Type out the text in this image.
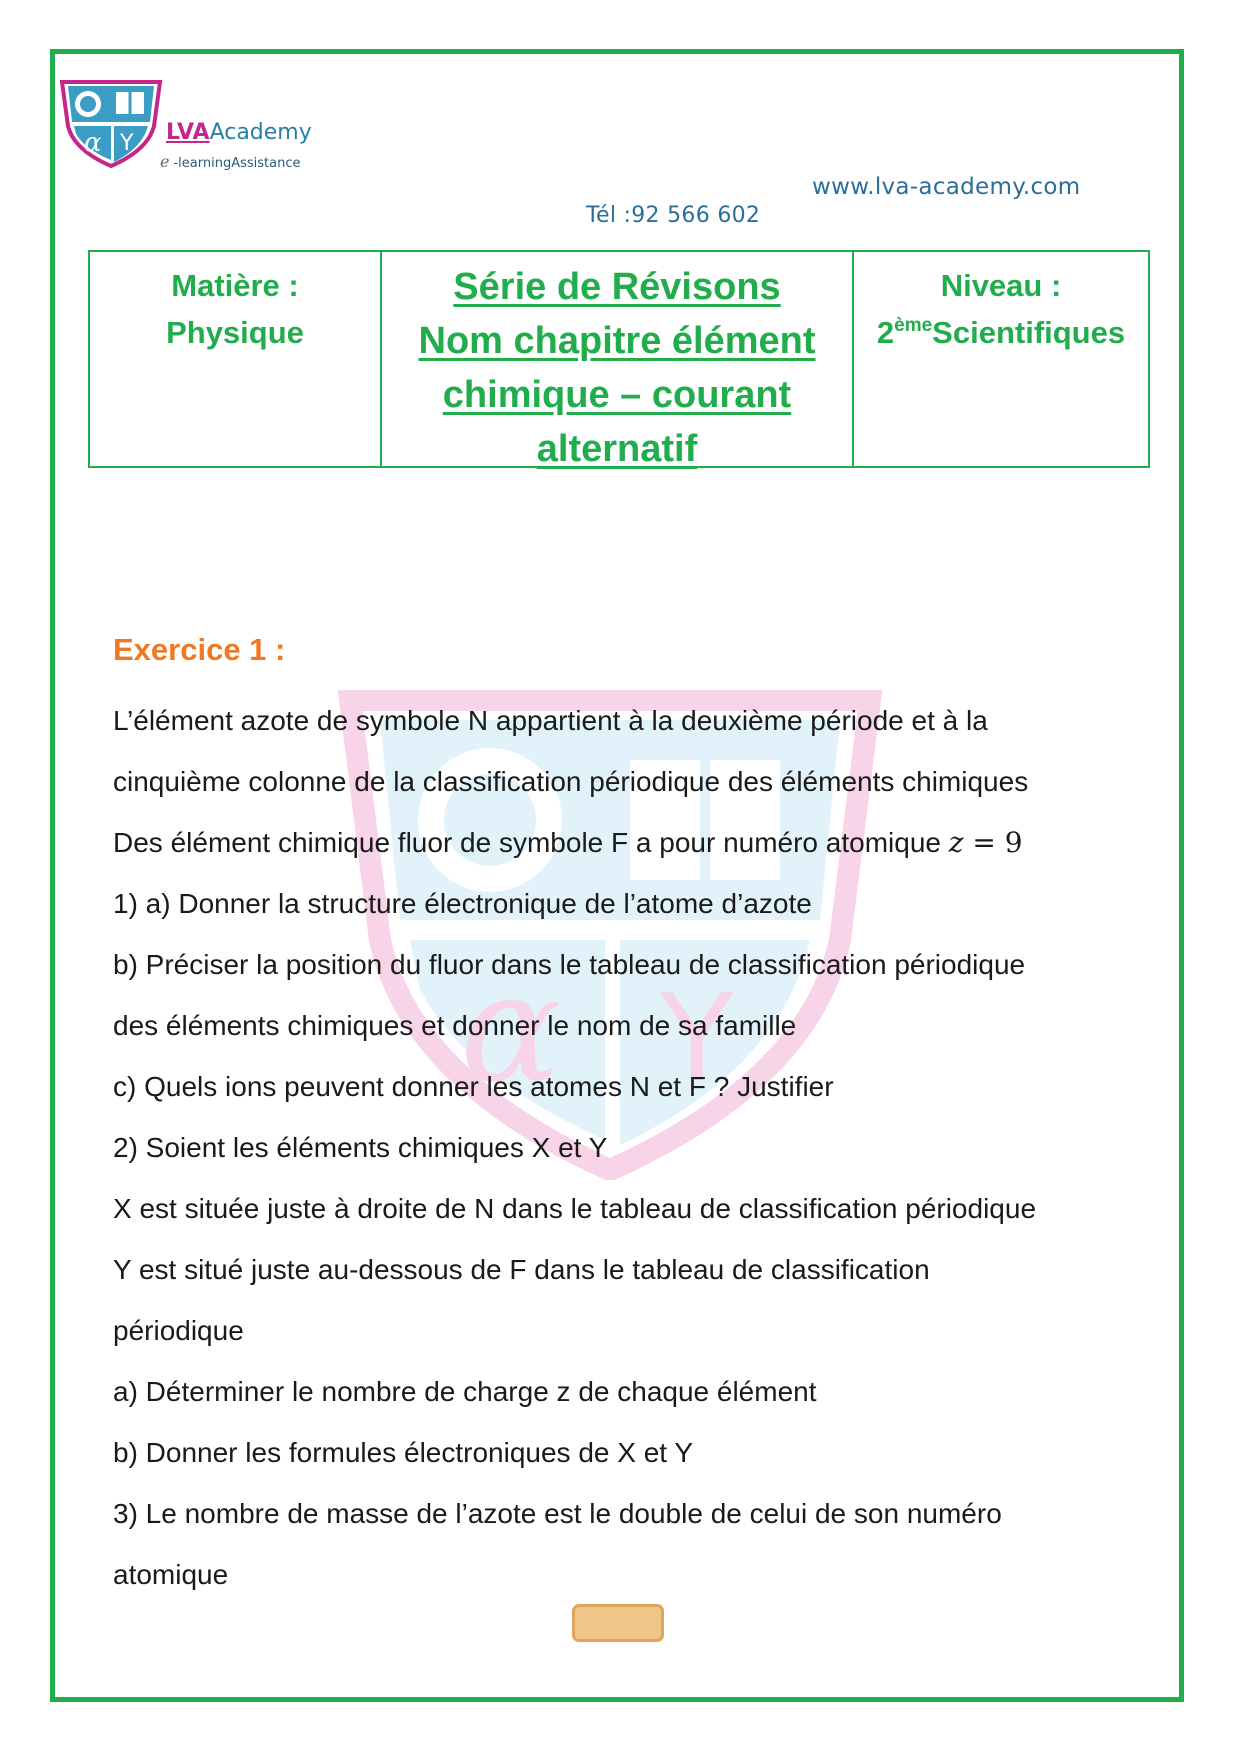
α Y LVAAcademy
e -learningAssistance
www.lva-academy.com
Tél :92 566 602
Matière :
Physique
Série de Révisons
Nom chapitre élément
chimique – courant
alternatif
Niveau :
2èmeScientifiques
α Y
Exercice 1 :
L’élément azote de symbole N appartient à la deuxième période et à la
cinquième colonne de la classification périodique des éléments chimiques
Des élément chimique fluor de symbole F a pour numéro atomique z = 9
1) a) Donner la structure électronique de l’atome d’azote
b) Préciser la position du fluor dans le tableau de classification périodique
des éléments chimiques et donner le nom de sa famille
c) Quels ions peuvent donner les atomes N et F ? Justifier
2) Soient les éléments chimiques X et Y
X est située juste à droite de N dans le tableau de classification périodique
Y est situé juste au-dessous de F dans le tableau de classification
périodique
a) Déterminer le nombre de charge z de chaque élément
b) Donner les formules électroniques de X et Y
3) Le nombre de masse de l’azote est le double de celui de son numéro
atomique
